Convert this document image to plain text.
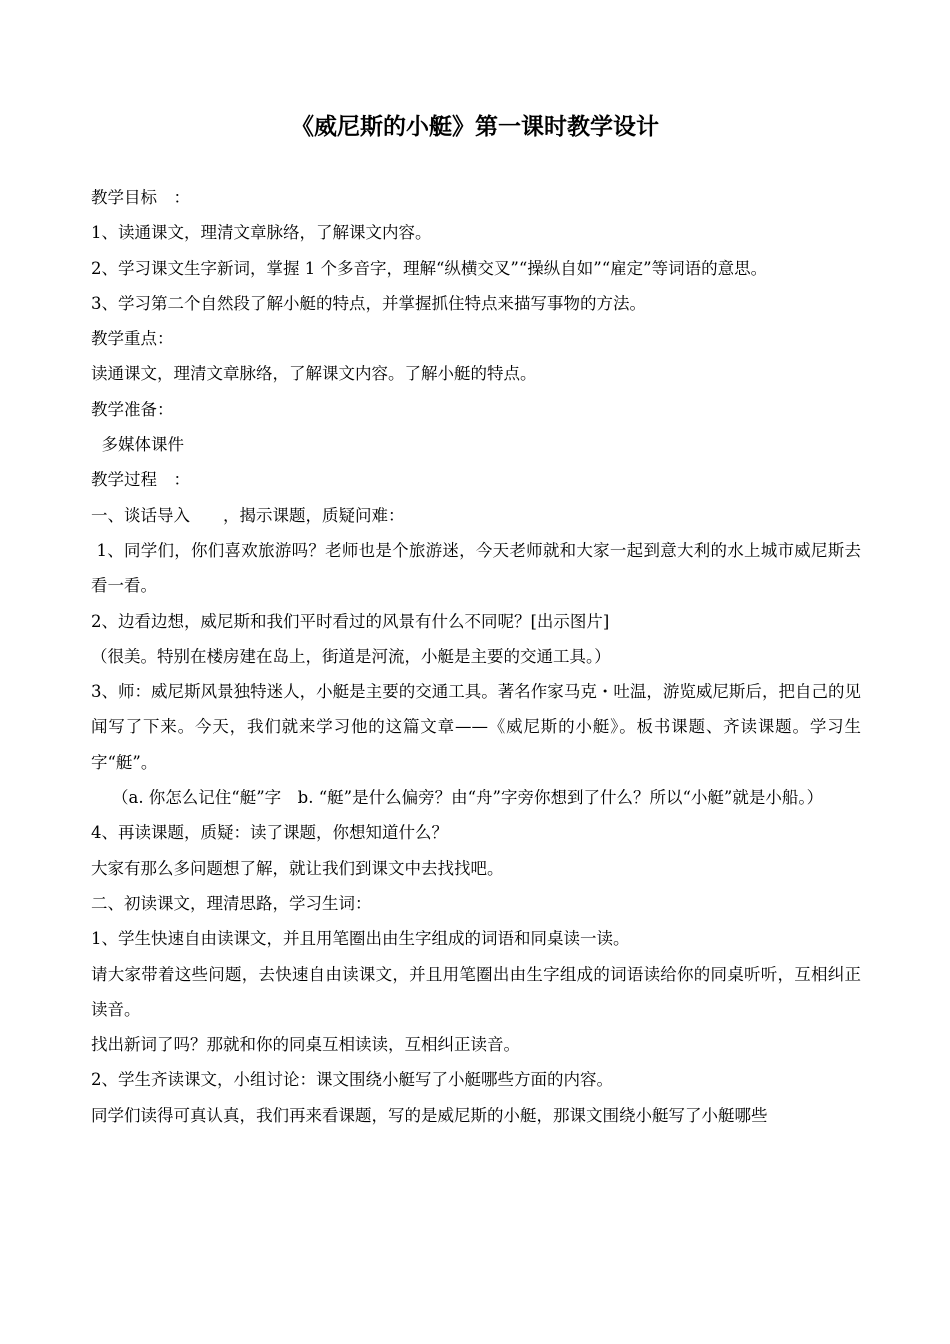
《威尼斯的小艇》第一课时教学设计

教学目标　：

1、读通课文，理清文章脉络，了解课文内容。

2、学习课文生字新词，掌握 1 个多音字，理解“纵横交叉”“操纵自如”“雇定”等词语的意思。

3、学习第二个自然段了解小艇的特点，并掌握抓住特点来描写事物的方法。

教学重点：

读通课文，理清文章脉络，了解课文内容。了解小艇的特点。

教学准备：

多媒体课件

教学过程　：

一、谈话导入　　，揭示课题，质疑问难：

1、同学们，你们喜欢旅游吗？老师也是个旅游迷，今天老师就和大家一起到意大利的水上城市威尼斯去看一看。

2、边看边想，威尼斯和我们平时看过的风景有什么不同呢？[出示图片]

（很美。特别在楼房建在岛上，街道是河流，小艇是主要的交通工具。）

3、师：威尼斯风景独特迷人，小艇是主要的交通工具。著名作家马克・吐温，游览威尼斯后，把自己的见闻写了下来。今天，我们就来学习他的这篇文章——《威尼斯的小艇》。板书课题、齐读课题。学习生字“艇”。

（a. 你怎么记住“艇”字　b. “艇”是什么偏旁？由“舟”字旁你想到了什么？所以“小艇”就是小船。）

4、再读课题，质疑：读了课题，你想知道什么？

大家有那么多问题想了解，就让我们到课文中去找找吧。

二、初读课文，理清思路，学习生词：

1、学生快速自由读课文，并且用笔圈出由生字组成的词语和同桌读一读。

请大家带着这些问题，去快速自由读课文，并且用笔圈出由生字组成的词语读给你的同桌听听，互相纠正读音。

找出新词了吗？那就和你的同桌互相读读，互相纠正读音。

2、学生齐读课文，小组讨论：课文围绕小艇写了小艇哪些方面的内容。

同学们读得可真认真，我们再来看课题，写的是威尼斯的小艇，那课文围绕小艇写了小艇哪些
